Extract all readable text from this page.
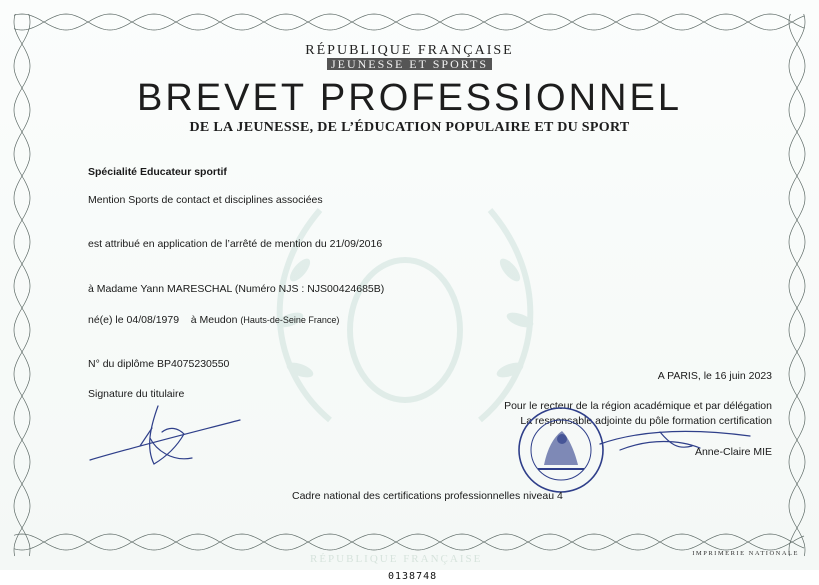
RÉPUBLIQUE FRANÇAISE
JEUNESSE ET SPORTS
BREVET PROFESSIONNEL
DE LA JEUNESSE, DE L’ÉDUCATION POPULAIRE ET DU SPORT
Spécialité Educateur sportif
Mention Sports de contact et disciplines associées
est attribué en application de l’arrêté de mention du 21/09/2016
à Madame Yann MARESCHAL (Numéro NJS : NJS00424685B)
né(e) le 04/08/1979 à Meudon (Hauts-de-Seine France)
N° du diplôme BP4075230550
Signature du titulaire
A PARIS, le 16 juin 2023
Pour le recteur de la région académique et par délégation
La responsable adjointe du pôle formation certification
Anne-Claire MIE
Cadre national des certifications professionnelles niveau 4
RÉPUBLIQUE FRANÇAISE	IMPRIMERIE NATIONALE
0138748
